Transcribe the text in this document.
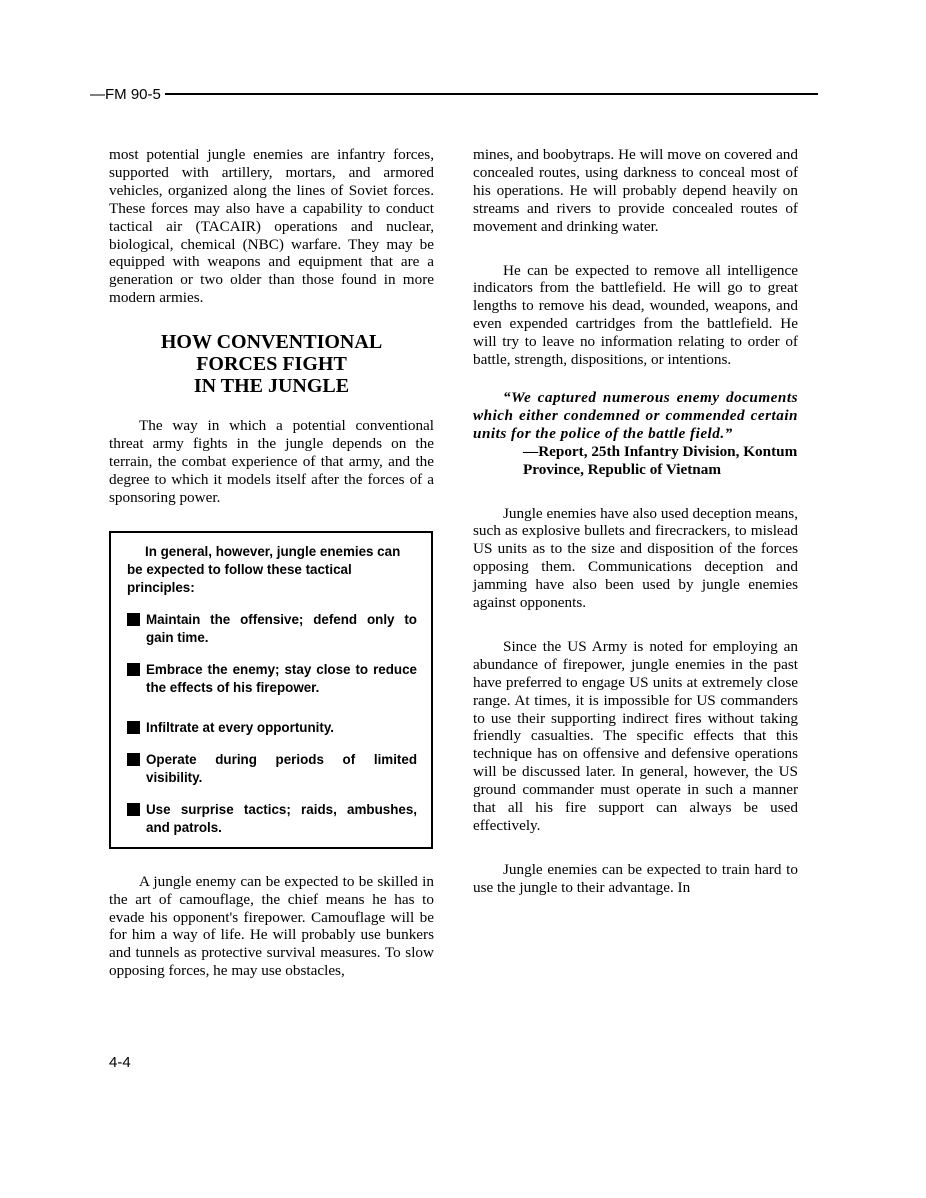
—FM 90-5

most potential jungle enemies are infantry forces, supported with artillery, mortars, and armored vehicles, organized along the lines of Soviet forces. These forces may also have a capability to conduct tactical air (TACAIR) operations and nuclear, biological, chemical (NBC) warfare. They may be equipped with weapons and equipment that are a generation or two older than those found in more modern armies.

HOW CONVENTIONAL

FORCES FIGHT

IN THE JUNGLE

The way in which a potential conventional threat army fights in the jungle depends on the terrain, the combat experience of that army, and the degree to which it models itself after the forces of a sponsoring power.

In general, however, jungle enemies can be expected to follow these tactical principles:

Maintain the offensive; defend only to gain time.
Embrace the enemy; stay close to reduce the effects of his firepower.
Infiltrate at every opportunity.
Operate during periods of limited visibility.
Use surprise tactics; raids, ambushes, and patrols.

A jungle enemy can be expected to be skilled in the art of camouflage, the chief means he has to evade his opponent's firepower. Camouflage will be for him a way of life. He will probably use bunkers and tunnels as protective survival measures. To slow opposing forces, he may use obstacles,

mines, and boobytraps. He will move on covered and concealed routes, using darkness to conceal most of his operations. He will probably depend heavily on streams and rivers to provide concealed routes of movement and drinking water.

He can be expected to remove all intelligence indicators from the battlefield. He will go to great lengths to remove his dead, wounded, weapons, and even expended cartridges from the battlefield. He will try to leave no information relating to order of battle, strength, dispositions, or intentions.

“We captured numerous enemy documents which either condemned or commended certain units for the police of the battle field.”

—Report, 25th Infantry Division, Kontum Province, Republic of Vietnam

Jungle enemies have also used deception means, such as explosive bullets and firecrackers, to mislead US units as to the size and disposition of the forces opposing them. Communications deception and jamming have also been used by jungle enemies against opponents.

Since the US Army is noted for employing an abundance of firepower, jungle enemies in the past have preferred to engage US units at extremely close range. At times, it is impossible for US commanders to use their supporting indirect fires without taking friendly casualties. The specific effects that this technique has on offensive and defensive operations will be discussed later. In general, however, the US ground commander must operate in such a manner that all his fire support can always be used effectively.

Jungle enemies can be expected to train hard to use the jungle to their advantage. In

4-4
